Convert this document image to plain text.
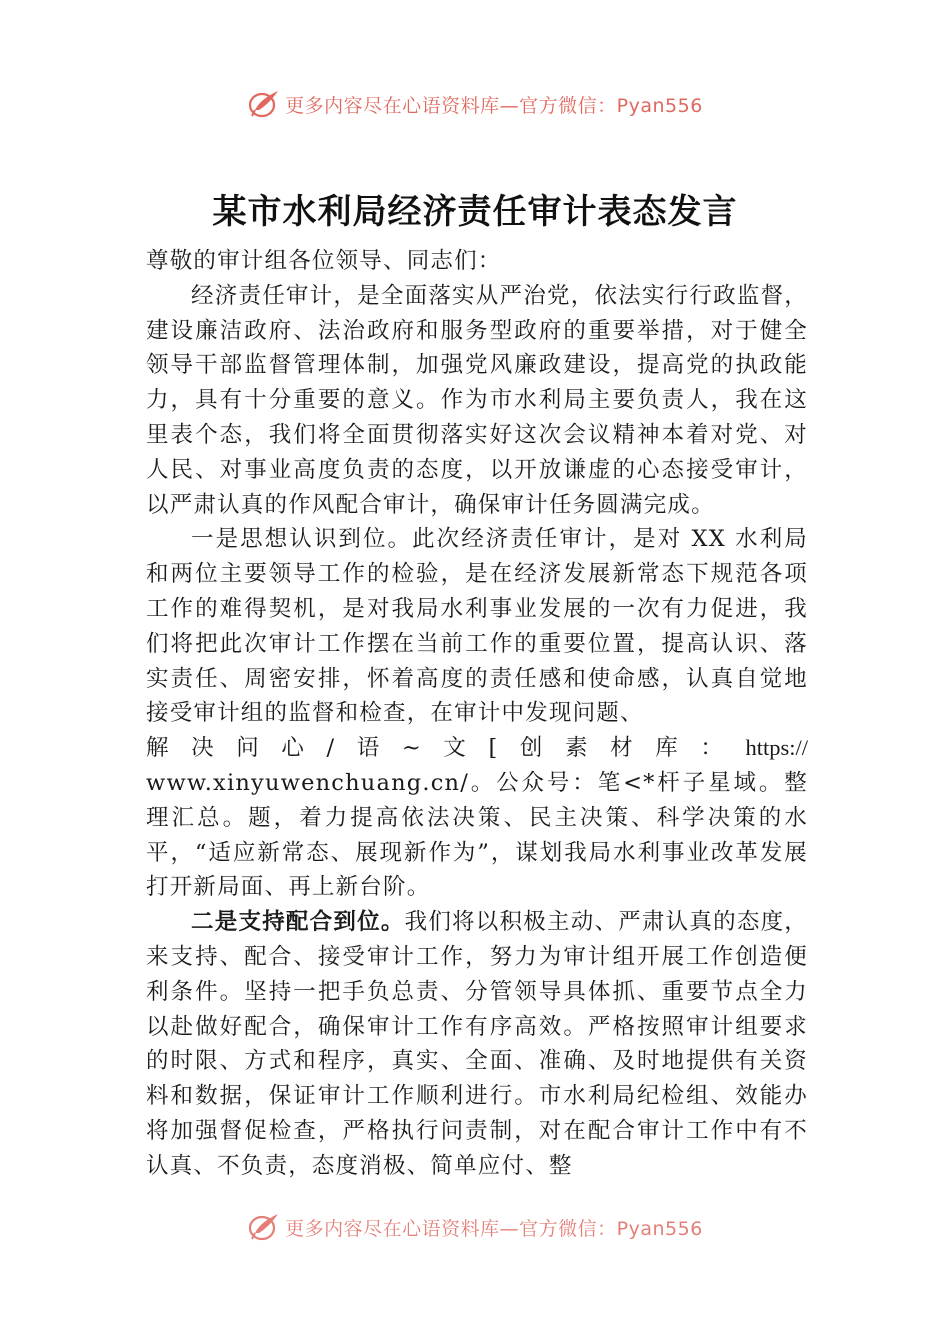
更多内容尽在心语资料库—官方微信：Pyan556
某市水利局经济责任审计表态发言

尊敬的审计组各位领导、同志们：

经济责任审计，是全面落实从严治党，依法实行行政监督，建设廉洁政府、法治政府和服务型政府的重要举措，对于健全领导干部监督管理体制，加强党风廉政建设，提高党的执政能力，具有十分重要的意义。作为市水利局主要负责人，我在这里表个态，我们将全面贯彻落实好这次会议精神本着对党、对人民、对事业高度负责的态度，以开放谦虚的心态接受审计，以严肃认真的作风配合审计，确保审计任务圆满完成。

一是思想认识到位。此次经济责任审计，是对 XX 水利局和两位主要领导工作的检验，是在经济发展新常态下规范各项工作的难得契机，是对我局水利事业发展的一次有力促进，我们将把此次审计工作摆在当前工作的重要位置，提高认识、落实责任、周密安排，怀着高度的责任感和使命感，认真自觉地接受审计组的监督和检查，在审计中发现问题、

解 决 问 心 / 语 ~ 文 [ 创 素 材 库 ： https://

www.xinyuwenchuang.cn/。公众号：笔<*杆子星域。整理汇总。题，着力提高依法决策、民主决策、科学决策的水平，“适应新常态、展现新作为”，谋划我局水利事业改革发展打开新局面、再上新台阶。

二是支持配合到位。我们将以积极主动、严肃认真的态度，来支持、配合、接受审计工作，努力为审计组开展工作创造便利条件。坚持一把手负总责、分管领导具体抓、重要节点全力以赴做好配合，确保审计工作有序高效。严格按照审计组要求的时限、方式和程序，真实、全面、准确、及时地提供有关资料和数据，保证审计工作顺利进行。市水利局纪检组、效能办将加强督促检查，严格执行问责制，对在配合审计工作中有不认真、不负责，态度消极、简单应付、整

更多内容尽在心语资料库—官方微信：Pyan556
